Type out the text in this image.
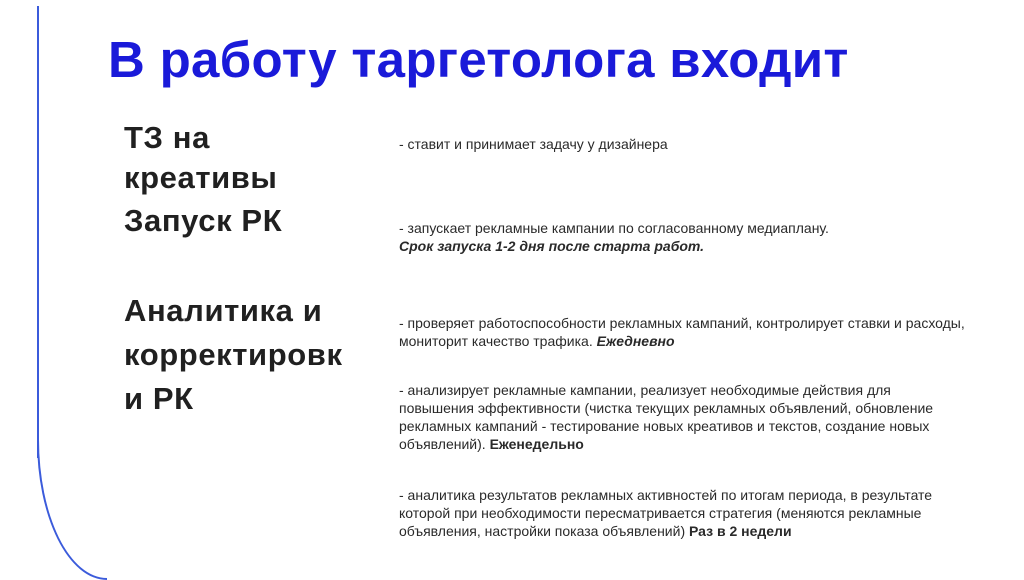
В работу таргетолога входит
ТЗ на
креативы
Запуск РК
Аналитика и
корректировк
и РК
- ставит и принимает задачу у дизайнера
- запускает рекламные кампании по согласованному медиаплану.
Срок запуска 1-2 дня после старта работ.
- проверяет работоспособности рекламных кампаний, контролирует ставки и расходы, мониторит качество трафика. Ежедневно
- анализирует рекламные кампании, реализует необходимые действия для повышения эффективности (чистка текущих рекламных объявлений, обновление рекламных кампаний - тестирование новых креативов и текстов, создание новых объявлений). Еженедельно
- аналитика результатов рекламных активностей по итогам периода, в результате которой при необходимости пересматривается стратегия (меняются рекламные объявления, настройки показа объявлений) Раз в 2 недели
